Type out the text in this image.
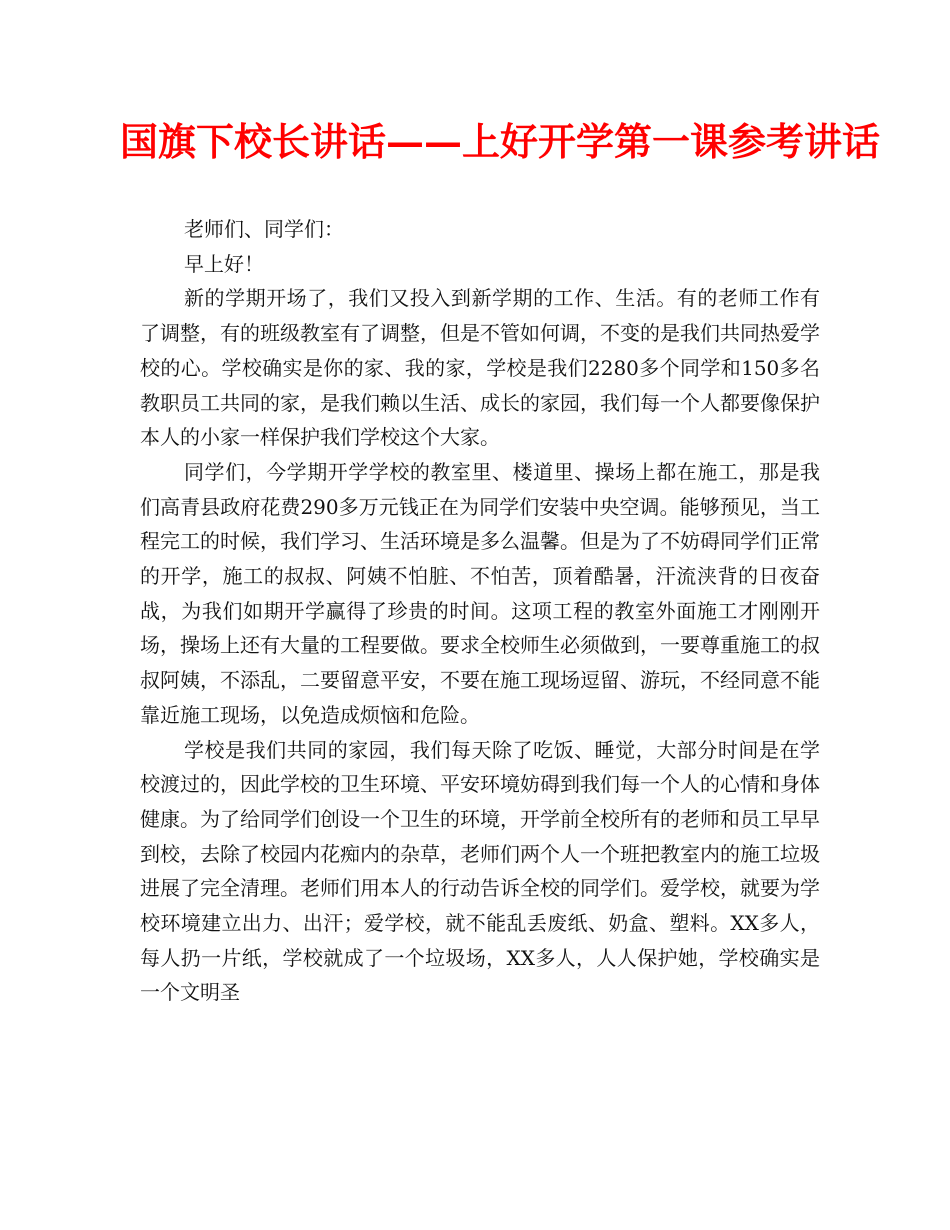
国旗下校长讲话——上好开学第一课参考讲话

老师们、同学们：

早上好！

新的学期开场了，我们又投入到新学期的工作、生活。有的老师工作有了调整，有的班级教室有了调整，但是不管如何调，不变的是我们共同热爱学校的心。学校确实是你的家、我的家，学校是我们2280多个同学和150多名教职员工共同的家，是我们赖以生活、成长的家园，我们每一个人都要像保护本人的小家一样保护我们学校这个大家。

同学们，今学期开学学校的教室里、楼道里、操场上都在施工，那是我们高青县政府花费290多万元钱正在为同学们安装中央空调。能够预见，当工程完工的时候，我们学习、生活环境是多么温馨。但是为了不妨碍同学们正常的开学，施工的叔叔、阿姨不怕脏、不怕苦，顶着酷暑，汗流浃背的日夜奋战，为我们如期开学赢得了珍贵的时间。这项工程的教室外面施工才刚刚开场，操场上还有大量的工程要做。要求全校师生必须做到，一要尊重施工的叔叔阿姨，不添乱，二要留意平安，不要在施工现场逗留、游玩，不经同意不能靠近施工现场，以免造成烦恼和危险。

学校是我们共同的家园，我们每天除了吃饭、睡觉，大部分时间是在学校渡过的，因此学校的卫生环境、平安环境妨碍到我们每一个人的心情和身体健康。为了给同学们创设一个卫生的环境，开学前全校所有的老师和员工早早到校，去除了校园内花痴内的杂草，老师们两个人一个班把教室内的施工垃圾进展了完全清理。老师们用本人的行动告诉全校的同学们。爱学校，就要为学校环境建立出力、出汗；爱学校，就不能乱丢废纸、奶盒、塑料。XX多人，每人扔一片纸，学校就成了一个垃圾场，XX多人，人人保护她，学校确实是一个文明圣
